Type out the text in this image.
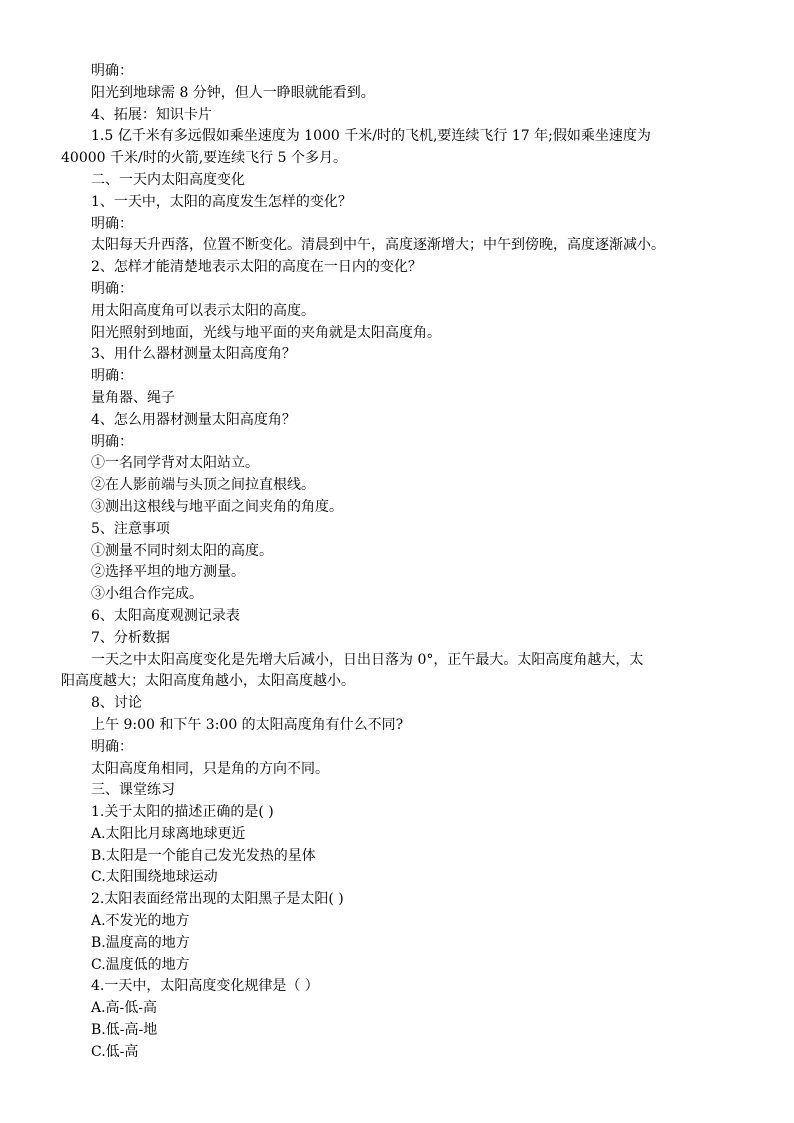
明确：
阳光到地球需 8 分钟，但人一睁眼就能看到。
4、拓展：知识卡片
1.5 亿千米有多远假如乘坐速度为 1000 千米/时的飞机,要连续飞行 17 年;假如乘坐速度为
40000 千米/时的火箭,要连续飞行 5 个多月。
二、一天内太阳高度变化
1、一天中，太阳的高度发生怎样的变化？
明确：
太阳每天升西落，位置不断变化。清晨到中午，高度逐渐增大；中午到傍晚，高度逐渐减小。
2、怎样才能清楚地表示太阳的高度在一日内的变化？
明确：
用太阳高度角可以表示太阳的高度。
阳光照射到地面，光线与地平面的夹角就是太阳高度角。
3、用什么器材测量太阳高度角？
明确：
量角器、绳子
4、怎么用器材测量太阳高度角？
明确：
①一名同学背对太阳站立。
②在人影前端与头顶之间拉直根线。
③测出这根线与地平面之间夹角的角度。
5、注意事项
①测量不同时刻太阳的高度。
②选择平坦的地方测量。
③小组合作完成。
6、太阳高度观测记录表
7、分析数据
一天之中太阳高度变化是先增大后减小，日出日落为 0°，正午最大。太阳高度角越大，太
阳高度越大；太阳高度角越小，太阳高度越小。
8、讨论
上午 9:00 和下午 3:00 的太阳高度角有什么不同?
明确：
太阳高度角相同，只是角的方向不同。
三、课堂练习
1.关于太阳的描述正确的是( )
A.太阳比月球离地球更近
B.太阳是一个能自己发光发热的星体
C.太阳围绕地球运动
2.太阳表面经常出现的太阳黑子是太阳( )
A.不发光的地方
B.温度高的地方
C.温度低的地方
4.一天中，太阳高度变化规律是（ ）
A.高-低-高
B.低-高-地
C.低-高
